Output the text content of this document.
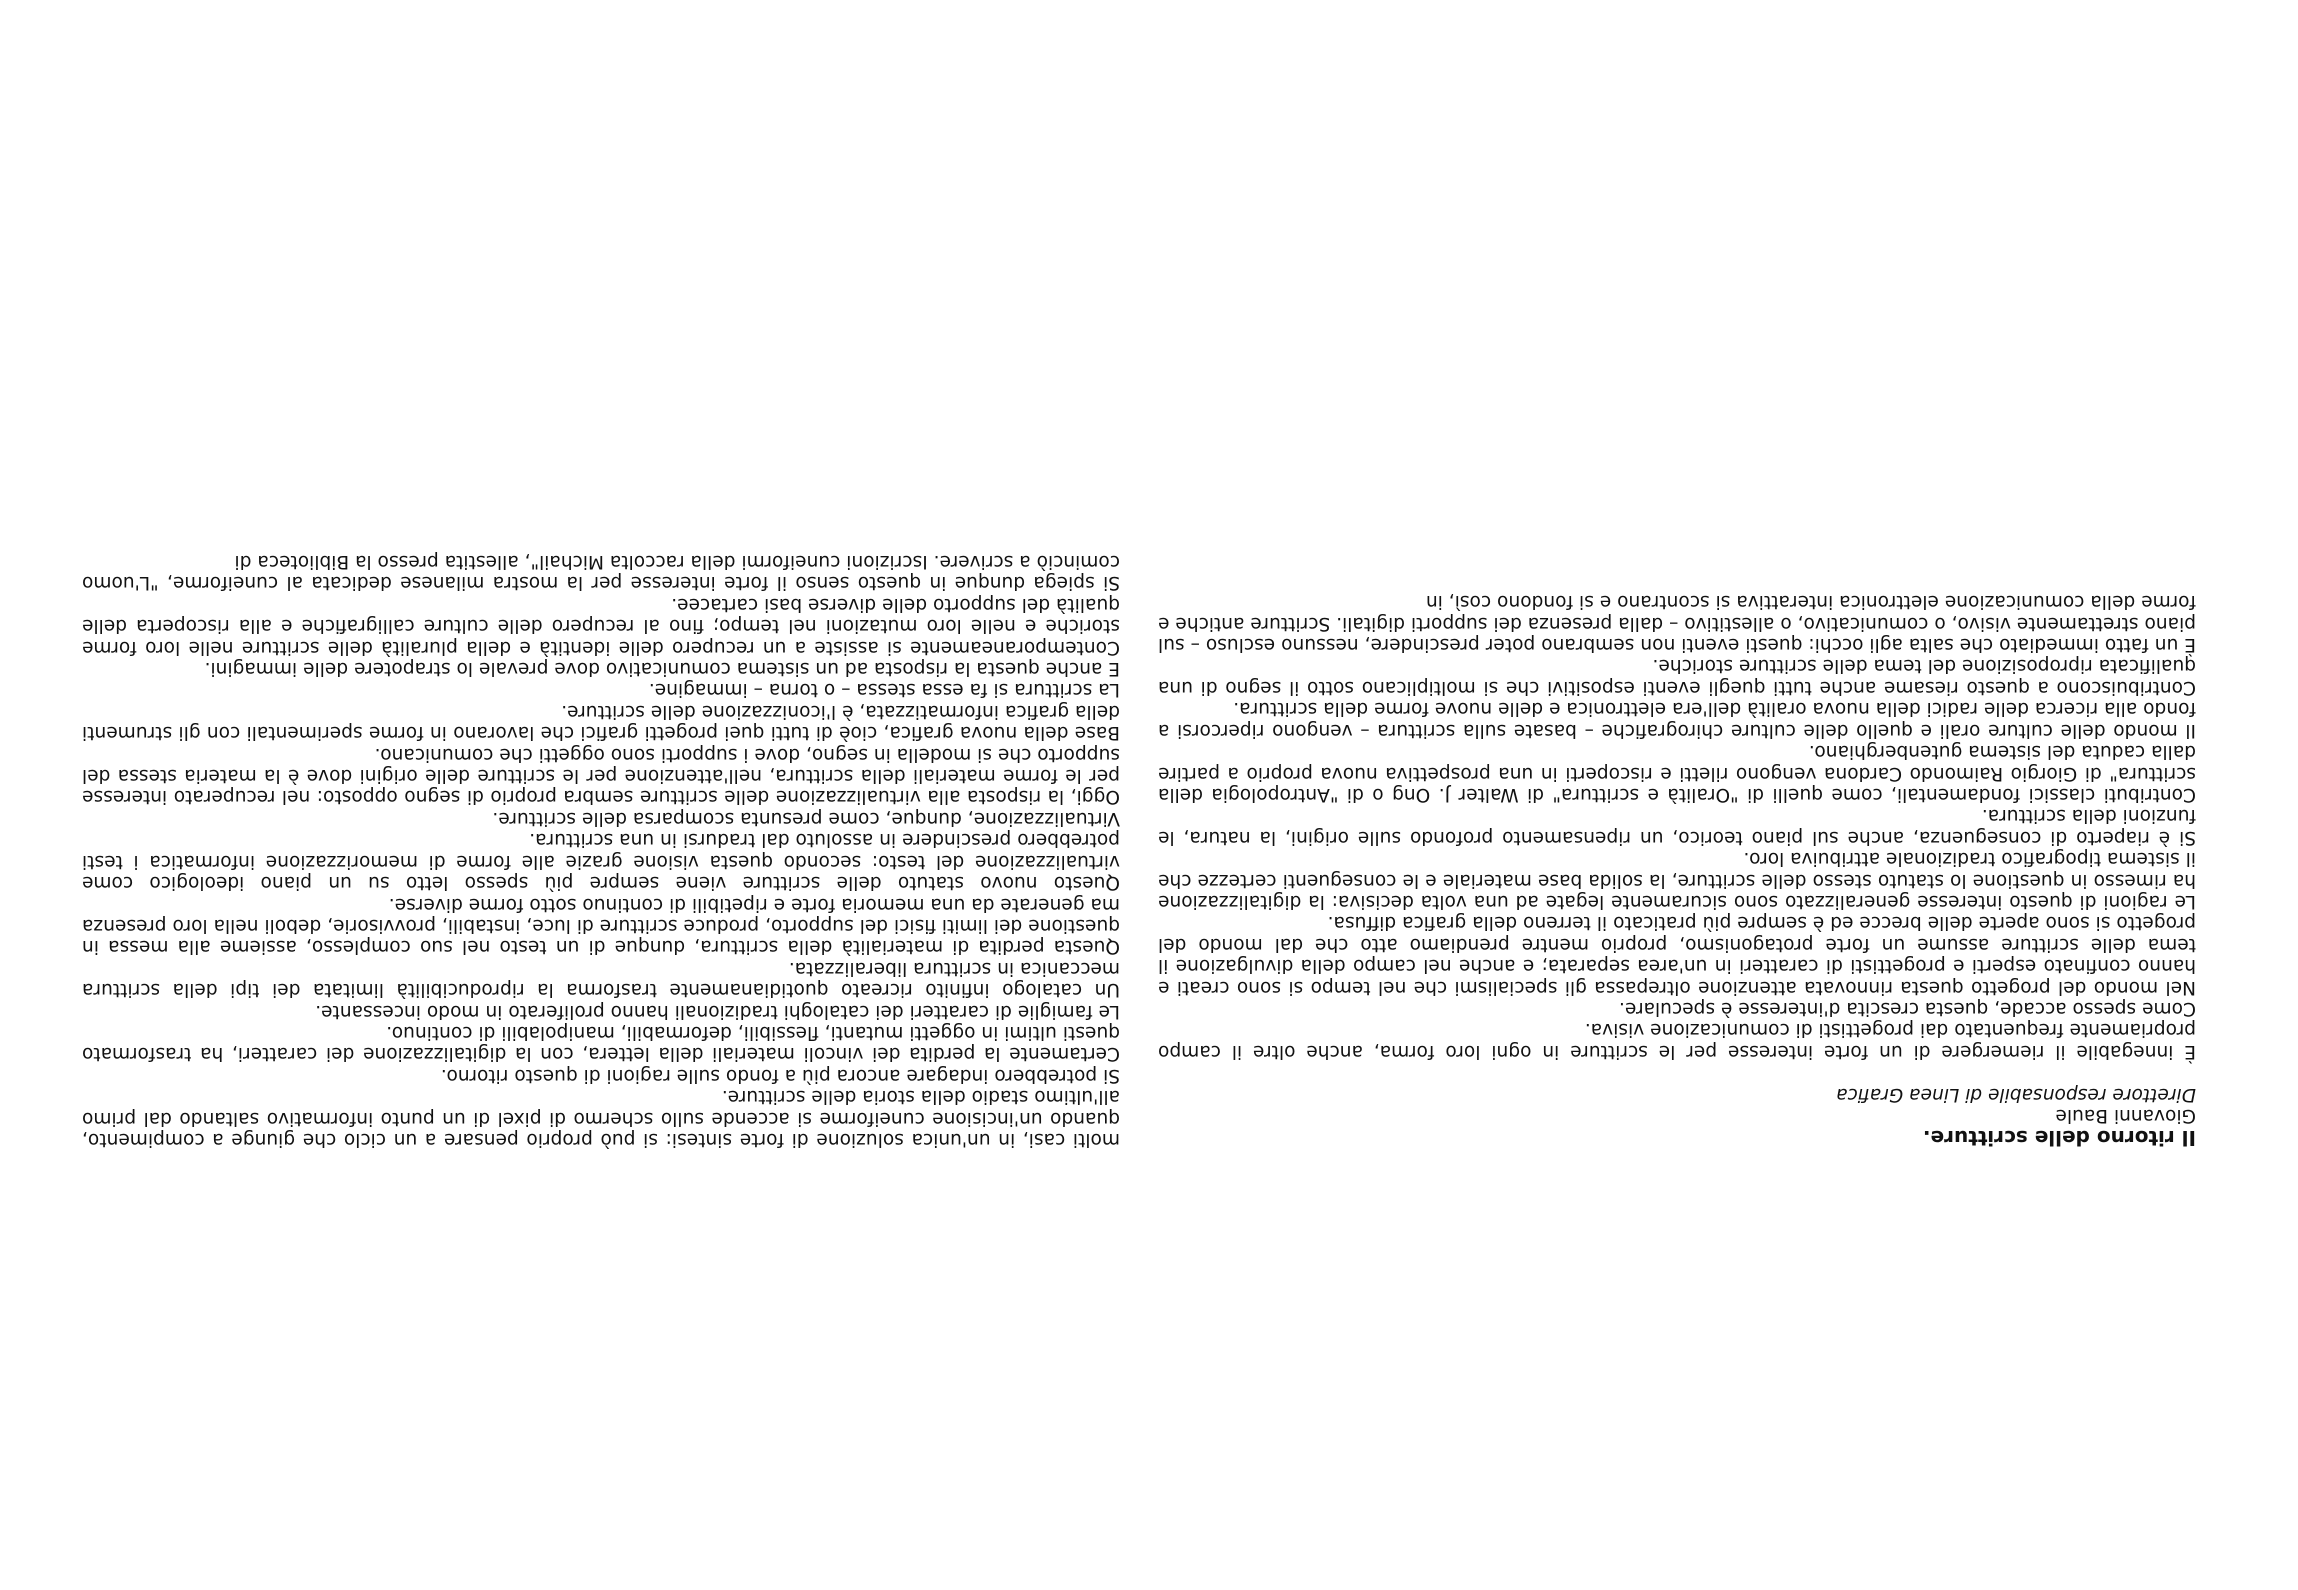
Il ritorno delle scritture.

Giovanni Baule

Direttore responsabile di Linea Grafica

È innegabile il riemergere di un forte interesse per le scritture in ogni loro forma, anche oltre il campo propriamente frequentato dai progettisti di comunicazione visiva.

Come spesso accade, questa crescita d'interesse è speculare.

Nel mondo del progetto questa rinnovata attenzione oltrepassa gli specialismi che nel tempo si sono creati e hanno confinato esperti e progettisti di caratteri in un'area separata; e anche nel campo della divulgazione il tema delle scritture assume un forte protagonismo, proprio mentre prendiamo atto che dal mondo del progetto si sono aperte delle brecce ed è sempre più praticato il terreno della grafica diffusa.

Le ragioni di questo interesse generalizzato sono sicuramente legate ad una volta decisiva: la digitalizzazione ha rimesso in questione lo statuto stesso delle scritture, la solida base materiale e le conseguenti certezze che il sistema tipografico tradizionale attribuiva loro.

Si è riaperto di conseguenza, anche sul piano teorico, un ripensamento profondo sulle origini, la natura, le funzioni della scrittura.

Contributi classici fondamentali, come quelli di "Oralità e scrittura" di Walter J. Ong o di "Antropologia della scrittura" di Giorgio Raimondo Cardona vengono riletti e riscoperti in una prospettiva nuova proprio a partire dalla caduta del sistema gutenberghiano.

Il mondo delle culture orali e quello delle culture chirografiche – basate sulla scrittura – vengono ripercorsi a fondo alla ricerca delle radici della nuova oralità dell'era elettronica e delle nuove forme della scrittura.

Contribuiscono a questo riesame anche tutti quegli eventi espositivi che si moltiplicano sotto il segno di una qualificata riproposizione del tema delle scritture storiche.

È un fatto immediato che salta agli occhi: questi eventi non sembrano poter prescindere, nessuno escluso – sul piano strettamente visivo, o comunicativo, o allestitivo – dalla presenza dei supporti digitali. Scritture antiche e forme della comunicazione elettronica interattiva si scontrano e si fondono così, in

molti casi, in un'unica soluzione di forte sintesi: si può proprio pensare a un ciclo che giunge a compimento, quando un'incisione cuneiforme si accende sullo schermo di pixel di un punto informativo saltando dal primo all'ultimo stadio della storia delle scritture.

Si potrebbero indagare ancora più a fondo sulle ragioni di questo ritorno.

Certamente la perdita dei vincoli materiali della lettera, con la digitalizzazione dei caratteri, ha trasformato questi ultimi in oggetti mutanti, flessibili, deformabili, manipolabili di continuo.

Le famiglie di caratteri dei cataloghi tradizionali hanno proliferato in modo incessante.

Un catalogo infinito ricreato quotidianamente trasforma la riproducibilità limitata dei tipi della scrittura meccanica in scrittura liberalizzata.

Questa perdita di materialità della scrittura, dunque di un testo nel suo complesso, assieme alla messa in questione dei limiti fisici del supporto, produce scritture di luce, instabili, provvisorie, deboli nella loro presenza ma generate da una memoria forte e ripetibili di continuo sotto forme diverse.

Questo nuovo statuto delle scritture viene sempre più spesso letto su un piano ideologico come virtualizzazione del testo: secondo questa visione grazie alle forme di memorizzazione informatica i testi potrebbero prescindere in assoluto dal tradursi in una scrittura.

Virtualizzazione, dunque, come presunta scomparsa delle scritture.

Oggi, la risposta alla virtualizzazione delle scritture sembra proprio di segno opposto: nel recuperato interesse per le forme materiali della scrittura, nell'attenzione per le scritture delle origini dove è la materia stessa del supporto che si modella in segno, dove i supporti sono oggetti che comunicano.

Base della nuova grafica, cioè di tutti quei progetti grafici che lavorano in forme sperimentali con gli strumenti della grafica informatizzata, è l'iconizzazione delle scritture.

La scrittura si fa essa stessa – o torna – immagine.

E anche questa la risposta ad un sistema comunicativo dove prevale lo strapotere delle immagini.

Contemporaneamente si assiste a un recupero delle identità e della pluralità delle scritture nelle loro forme storiche e nelle loro mutazioni nel tempo; fino al recupero delle culture calligrafiche e alla riscoperta delle qualità del supporto delle diverse basi cartacee.

Si spiega dunque in questo senso il forte interesse per la mostra milanese dedicata al cuneiforme, "L'uomo cominciò a scrivere. Iscrizioni cuneiformi della raccolta Michail", allestita presso la Biblioteca di
